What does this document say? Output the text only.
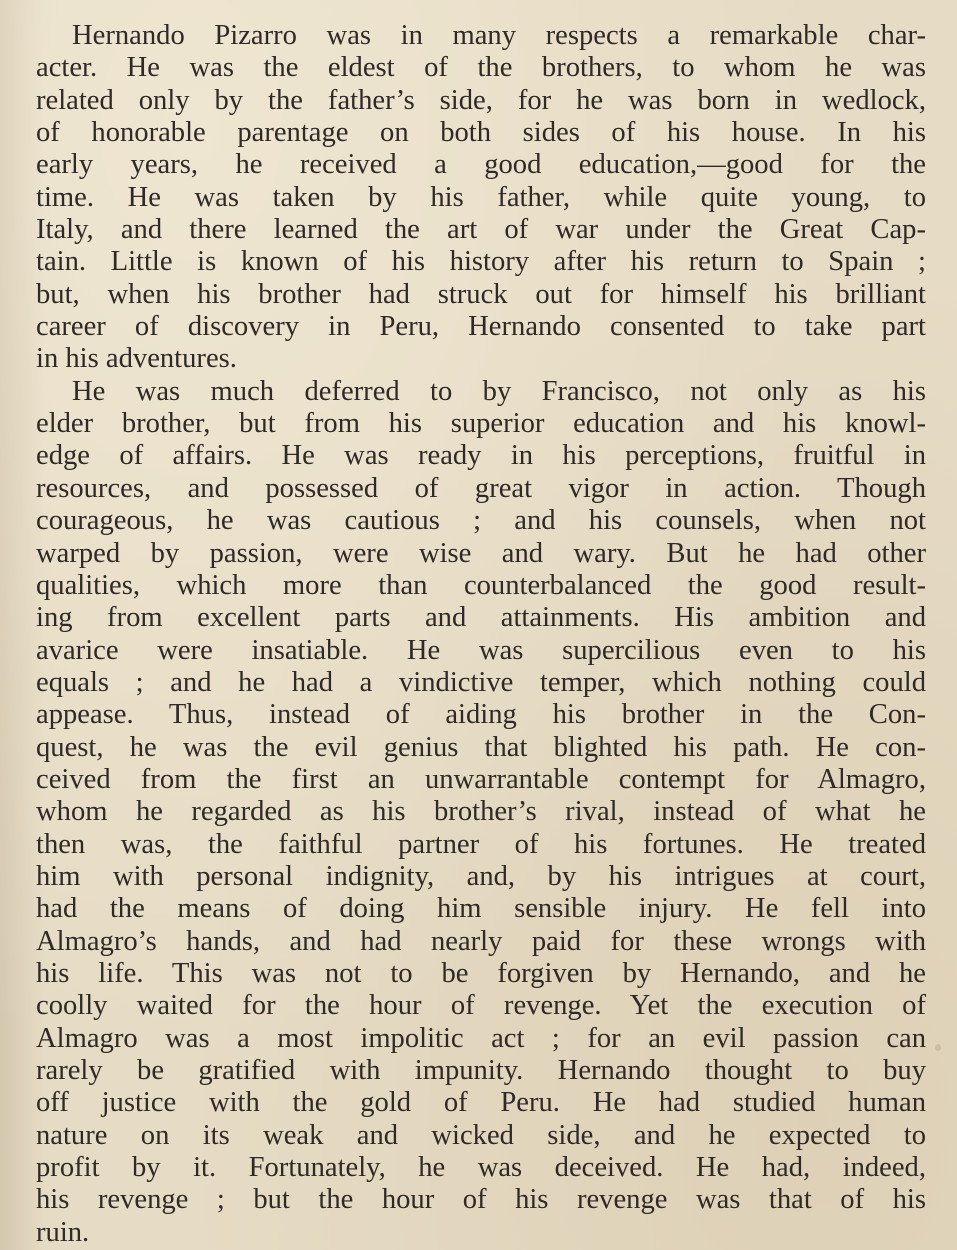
Hernando Pizarro was in many respects a remarkable char-
acter. He was the eldest of the brothers, to whom he was
related only by the father’s side, for he was born in wedlock,
of honorable parentage on both sides of his house. In his
early years, he received a good education,—good for the
time. He was taken by his father, while quite young, to
Italy, and there learned the art of war under the Great Cap-
tain. Little is known of his history after his return to Spain ;
but, when his brother had struck out for himself his brilliant
career of discovery in Peru, Hernando consented to take part
in his adventures.
He was much deferred to by Francisco, not only as his
elder brother, but from his superior education and his knowl-
edge of affairs. He was ready in his perceptions, fruitful in
resources, and possessed of great vigor in action. Though
courageous, he was cautious ; and his counsels, when not
warped by passion, were wise and wary. But he had other
qualities, which more than counterbalanced the good result-
ing from excellent parts and attainments. His ambition and
avarice were insatiable. He was supercilious even to his
equals ; and he had a vindictive temper, which nothing could
appease. Thus, instead of aiding his brother in the Con-
quest, he was the evil genius that blighted his path. He con-
ceived from the first an unwarrantable contempt for Almagro,
whom he regarded as his brother’s rival, instead of what he
then was, the faithful partner of his fortunes. He treated
him with personal indignity, and, by his intrigues at court,
had the means of doing him sensible injury. He fell into
Almagro’s hands, and had nearly paid for these wrongs with
his life. This was not to be forgiven by Hernando, and he
coolly waited for the hour of revenge. Yet the execution of
Almagro was a most impolitic act ; for an evil passion can
rarely be gratified with impunity. Hernando thought to buy
off justice with the gold of Peru. He had studied human
nature on its weak and wicked side, and he expected to
profit by it. Fortunately, he was deceived. He had, indeed,
his revenge ; but the hour of his revenge was that of his
ruin.
